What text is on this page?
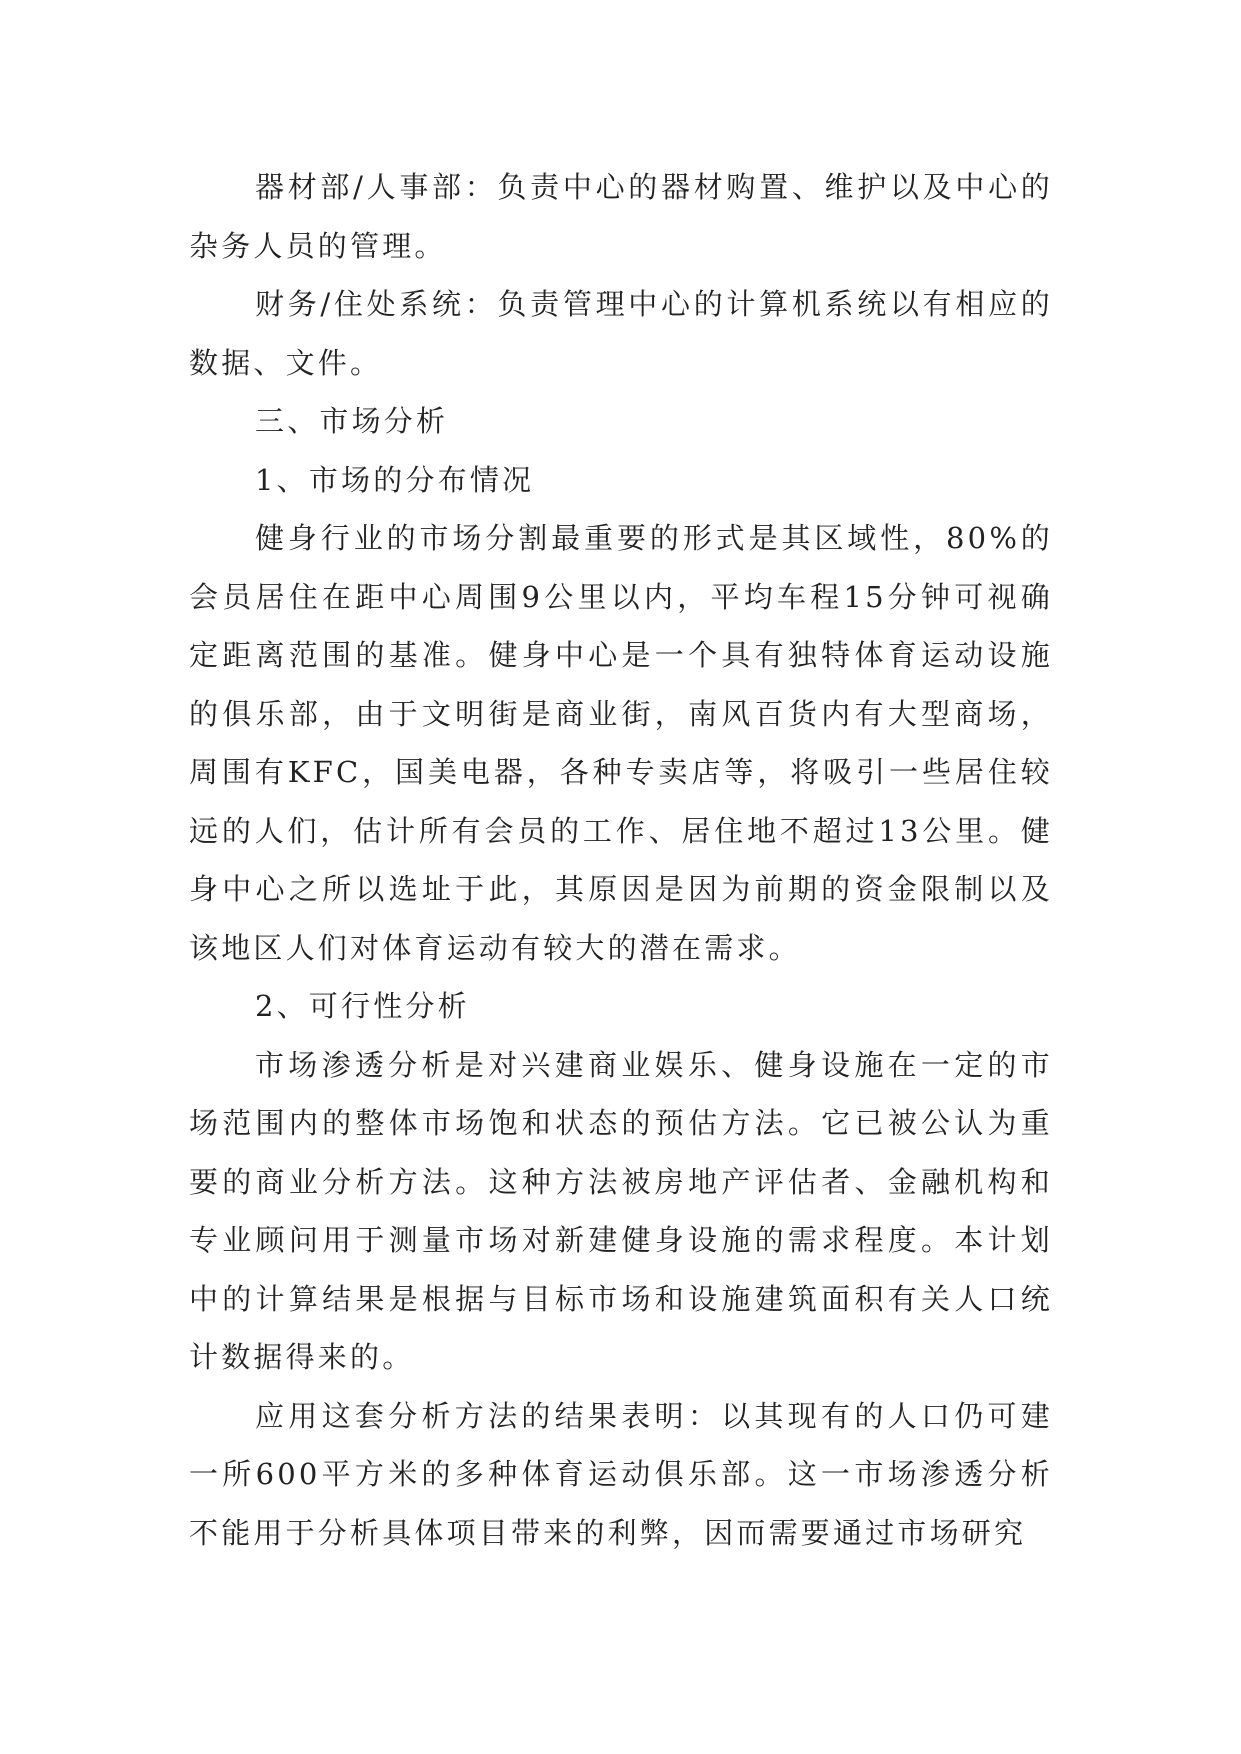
器材部/人事部：负责中心的器材购置、维护以及中心的杂务人员的管理。

财务/住处系统：负责管理中心的计算机系统以有相应的数据、文件。

三、市场分析

1、市场的分布情况

健身行业的市场分割最重要的形式是其区域性，80%的会员居住在距中心周围9公里以内，平均车程15分钟可视确定距离范围的基准。健身中心是一个具有独特体育运动设施的俱乐部，由于文明街是商业街，南风百货内有大型商场，周围有KFC，国美电器，各种专卖店等，将吸引一些居住较远的人们，估计所有会员的工作、居住地不超过13公里。健身中心之所以选址于此，其原因是因为前期的资金限制以及该地区人们对体育运动有较大的潜在需求。

2、可行性分析

市场渗透分析是对兴建商业娱乐、健身设施在一定的市场范围内的整体市场饱和状态的预估方法。它已被公认为重要的商业分析方法。这种方法被房地产评估者、金融机构和专业顾问用于测量市场对新建健身设施的需求程度。本计划中的计算结果是根据与目标市场和设施建筑面积有关人口统计数据得来的。

应用这套分析方法的结果表明：以其现有的人口仍可建一所600平方米的多种体育运动俱乐部。这一市场渗透分析不能用于分析具体项目带来的利弊，因而需要通过市场研究
